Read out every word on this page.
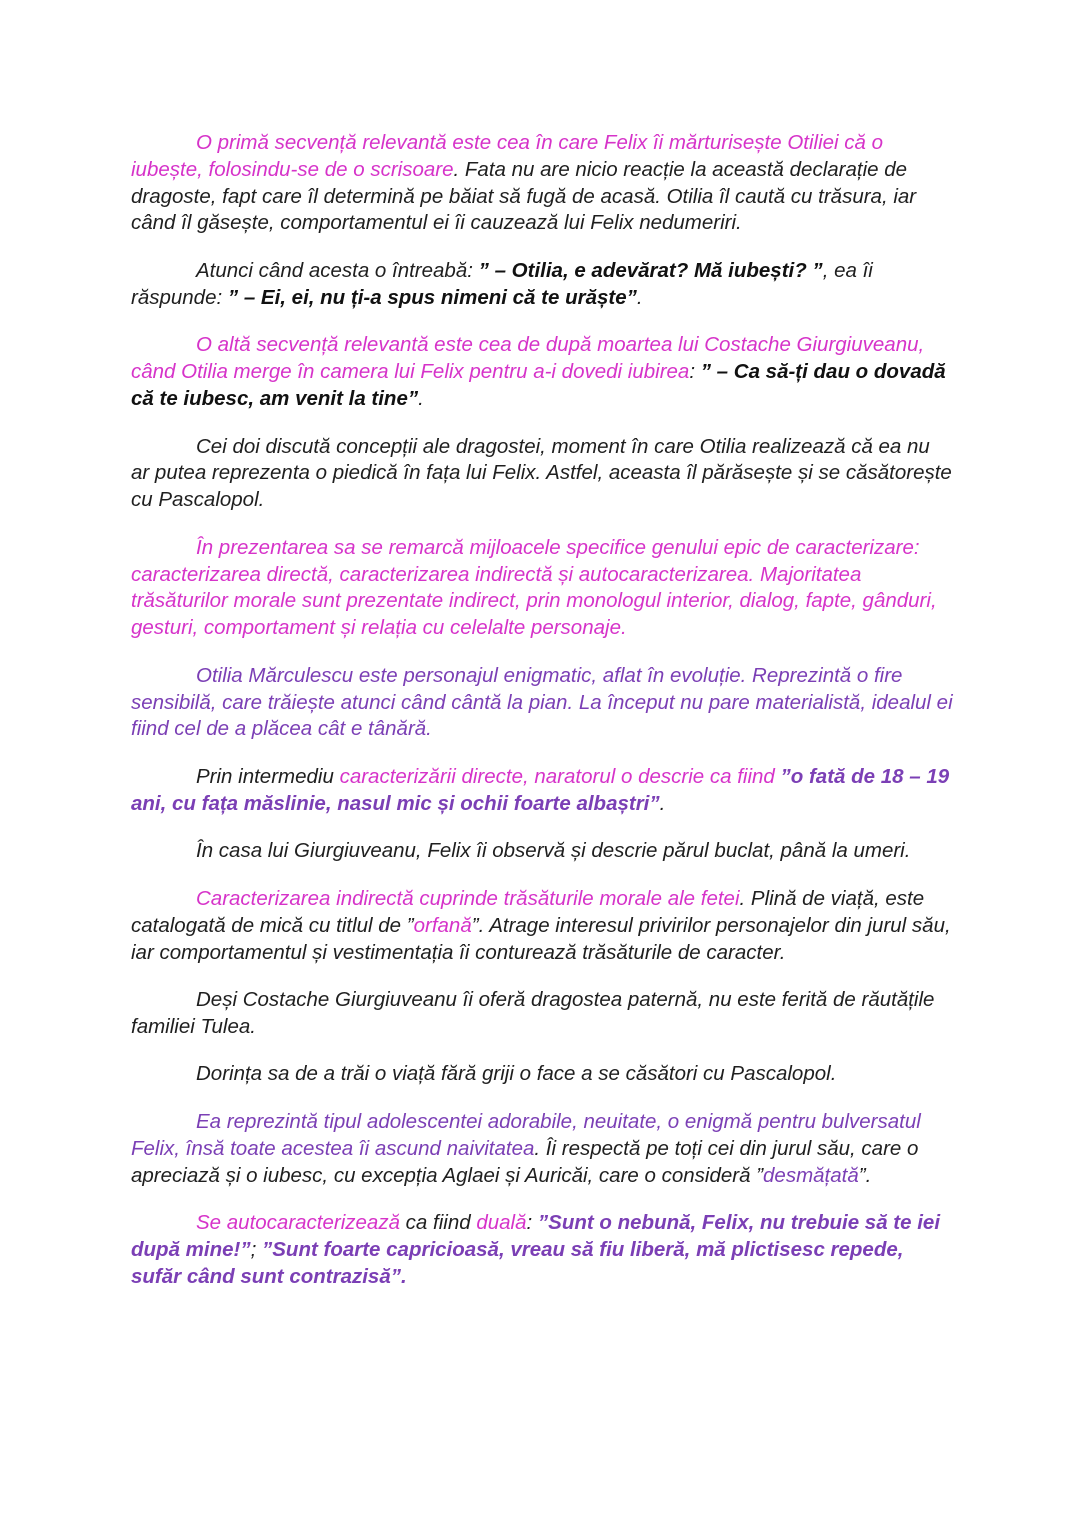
O primă secvență relevantă este cea în care Felix îi mărturisește Otiliei că o iubește, folosindu-se de o scrisoare. Fata nu are nicio reacție la această declarație de dragoste, fapt care îl determină pe băiat să fugă de acasă. Otilia îl caută cu trăsura, iar când îl găsește, comportamentul ei îi cauzează lui Felix nedumeriri.

Atunci când acesta o întreabă: ” – Otilia, e adevărat? Mă iubești? ”, ea îi răspunde: ” – Ei, ei, nu ți-a spus nimeni că te urăște”.

O altă secvență relevantă este cea de după moartea lui Costache Giurgiuveanu, când Otilia merge în camera lui Felix pentru a-i dovedi iubirea: ” – Ca să-ți dau o dovadă că te iubesc, am venit la tine”.

Cei doi discută concepții ale dragostei, moment în care Otilia realizează că ea nu ar putea reprezenta o piedică în fața lui Felix. Astfel, aceasta îl părăsește și se căsătorește cu Pascalopol.

În prezentarea sa se remarcă mijloacele specifice genului epic de caracterizare: caracterizarea directă, caracterizarea indirectă și autocaracterizarea. Majoritatea trăsăturilor morale sunt prezentate indirect, prin monologul interior, dialog, fapte, gânduri, gesturi, comportament și relația cu celelalte personaje.

Otilia Mărculescu este personajul enigmatic, aflat în evoluție. Reprezintă o fire sensibilă, care trăiește atunci când cântă la pian. La început nu pare materialistă, idealul ei fiind cel de a plăcea cât e tânără.

Prin intermediu caracterizării directe, naratorul o descrie ca fiind ”o fată de 18 – 19 ani, cu fața măslinie, nasul mic și ochii foarte albaștri”.

În casa lui Giurgiuveanu, Felix îi observă și descrie părul buclat, până la umeri.

Caracterizarea indirectă cuprinde trăsăturile morale ale fetei. Plină de viață, este catalogată de mică cu titlul de ”orfană”. Atrage interesul privirilor personajelor din jurul său, iar comportamentul și vestimentația îi conturează trăsăturile de caracter.

Deși Costache Giurgiuveanu îi oferă dragostea paternă, nu este ferită de răutățile familiei Tulea.

Dorința sa de a trăi o viață fără griji o face a se căsători cu Pascalopol.

Ea reprezintă tipul adolescentei adorabile, neuitate, o enigmă pentru bulversatul Felix, însă toate acestea îi ascund naivitatea. Îi respectă pe toți cei din jurul său, care o apreciază și o iubesc, cu excepția Aglaei și Auricăi, care o consideră ”desmățată”.

Se autocaracterizează ca fiind duală: ”Sunt o nebună, Felix, nu trebuie să te iei după mine!”; ”Sunt foarte capricioasă, vreau să fiu liberă, mă plictisesc repede, sufăr când sunt contrazisă”.
